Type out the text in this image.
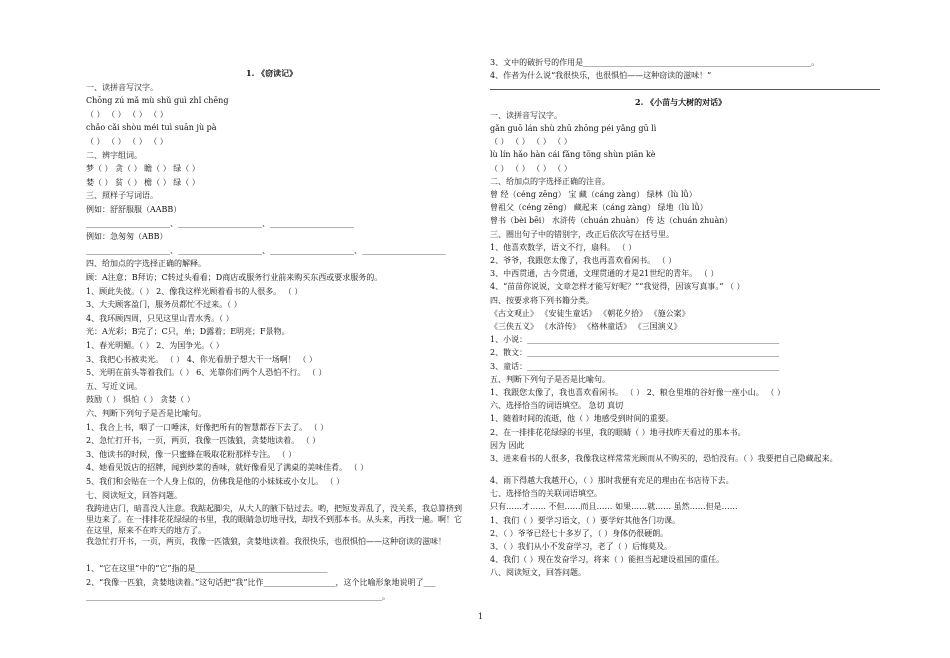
1. 《窃读记》
一、读拼音写汉字。
Chōng zú mǎ mù shǔ guì zhǐ chēng
（ ） （ ） （ ） （ ）
chǎo cǎi shòu méi tuì suān jù pà
（ ） （ ） （ ） （ ）
二、辨字组词。
梦（ ） 贪（ ） 瞻（ ） 绿（ ）
婪（ ） 贫（ ） 檐（ ） 绿（ ）
三、照样子写词语。
例如：舒舒服服（AABB）
_____________________、_____________________、_____________________
例如：急匆匆（ABB）
_____________________、_____________________、_____________________、_____________________
四、给加点的字选择正确的解释。
顾：A注意；B拜访；C转过头看看；D商店或服务行业前来购买东西或要求服务的。
1、顾此失彼。（ ） 2、像我这样光顾着看书的人很多。 （ ）
3、大夫顾客盈门，服务员都忙不过来。（ ）
4、我环顾四周，只见这里山青水秀。（ ）
光：A光彩；B完了；C只，单；D露着；E明亮；F景物。
1、春光明媚。（ ） 2、为国争光。（ ）
3、我把心书被卖光。 （ ） 4、你光看册子想大干一场啊！ （ ）
5、光明在前头等着我们。（ ） 6、光靠你们两个人恐怕不行。 （ ）
五、写近义词。
鼓励（ ） 惧怕（ ） 贪婪（ ）
六、判断下列句子是否是比喻句。
1、我合上书，咽了一口唾沫，好像把所有的智慧都吞下去了。 （ ）
2、急忙打开书，一页，两页，我像一匹饿狼，贪婪地读着。 （ ）
3、他读书的时候，像一只蜜蜂在吸取花粉那样专注。 （ ）
4、她看见饭店的招牌，闻到炒菜的香味，就好像看见了满桌的美味佳肴。 （ ）
5、我们和会贴在一个人身上似的，仿佛我是他的小妹妹或小女儿。 （ ）
七、阅读短文，回答问题。
我跨进店门，暗喜没人注意。我踮起脚尖，从大人的腋下钻过去。哟，把短发弄乱了，没关系，我总算挤到里边来了。在一排排花花绿绿的书里，我的眼睛急切地寻找，却找不到那本书。从头来，再找一遍。啊！它在这里，原来不在昨天的地方了。
我急忙打开书，一页，两页，我像一匹饿狼，贪婪地读着。我很快乐，也很惧怕——这种窃读的滋味！
1、“它在这里”中的“它”指的是_________________________________
2、“我像一匹狼，贪婪地读着。”这句话把“我”比作__________________，这个比喻形象地说明了___
__________________________________________________________________________。
3、文中的破折号的作用是_________________________________________________________。
4、作者为什么说“我很快乐，也很惧怕——这种窃读的滋味！”
2. 《小苗与大树的对话》
一、读拼音写汉字。
gǎn guō lán shù zhū zhōng péi yǎng gū lì
（ ） （ ） （ ） （ ）
lù lín hǎo hàn cái fǎng tōng shùn piān kè
（ ） （ ） （ ） （ ）
二、给加点的字选择正确的注音。
曾 经（céng zēng） 宝 藏（cáng zàng） 绿林（lù lǜ）
曾祖父（céng zēng） 藏起来（cáng zàng） 绿地（lù lǜ）
曾书（bèi bēi） 水浒传（chuán zhuàn） 传 达（chuán zhuàn）
三、圈出句子中的错别字，改正后依次写在括号里。
1、他喜欢数学，语文不行，扇科。 （ ）
2、爷爷，我跟您太像了，我也再喜欢看闲书。 （ ）
3、中西贯通，古今贯通，文理贯通的才是21世纪的青年。 （ ）
4、“苗苗你说说，文章怎样才能写好呢？”“我觉得，因该写真事。” （ ）
四、按要求将下列书籍分类。
《古文观止》 《安徒生童话》 《朝花夕拾》 《施公案》
《三侠五义》 《水浒传》 《格林童话》 《三国演义》
1、小说：_______________________________________________________________
2、散文：_______________________________________________________________
3、童话：_______________________________________________________________
五、判断下列句子是否是比喻句。
1、我跟您太像了，我也喜欢看闲书。 （ ） 2、粮仓里堆的谷好像一座小山。 （ ）
六、选择恰当的词语填空。 急切 真切
1、随着时间的流逝，他（ ）地感受到时间的重要。
2、在一排排花花绿绿的书里，我的眼睛（ ）地寻找昨天看过的那本书。
因为 因此
3、进来看书的人很多，我像我这样常常光顾而从不购买的，恐怕没有。（ ）我要把自己隐藏起来。
4、雨下得越大我越开心，（ ）那时我便有充足的理由在书店待下去。
七、选择恰当的关联词语填空。
只有……才…… 不但……而且…… 如果……就…… 虽然……但是……
1、我们（ ）要学习语文，（ ）要学好其他各门功课。
2、（ ）爷爷已经七十多岁了，（ ）身体仍很硬朗。
3、（ ）我们从小不发奋学习，老了（ ）后悔莫及。
4、我们（ ）现在发奋学习，将来（ ）能担当起建设祖国的重任。
八、阅读短文，回答问题。
1
